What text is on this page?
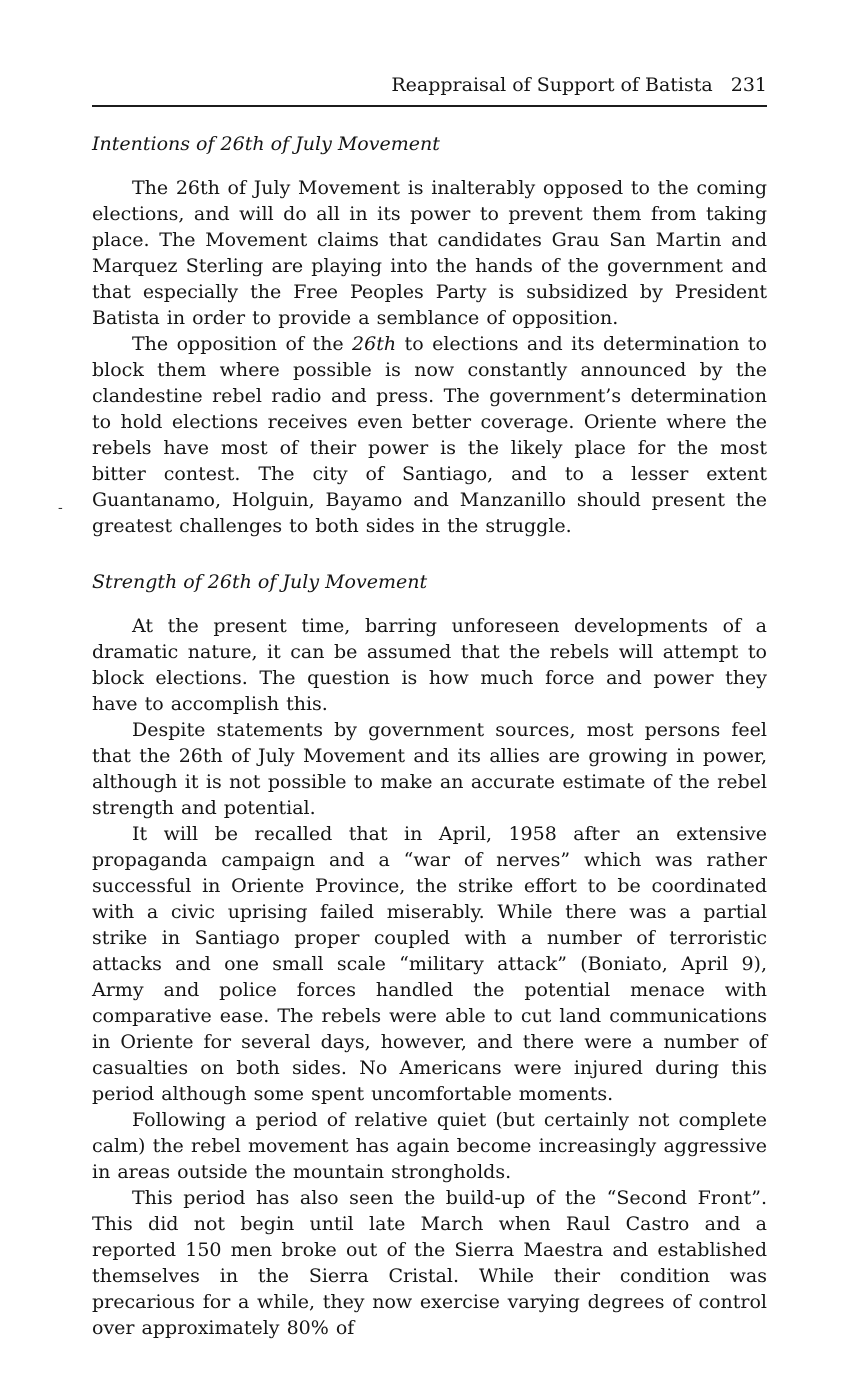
Reappraisal of Support of Batista 231
-
Intentions of 26th of July Movement

The 26th of July Movement is inalterably opposed to the coming elections, and will do all in its power to prevent them from taking place. The Movement claims that candidates Grau San Martin and Marquez Sterling are playing into the hands of the government and that especially the Free Peoples Party is subsidized by President Batista in order to provide a semblance of opposition.

The opposition of the 26th to elections and its determination to block them where possible is now constantly announced by the clandestine rebel radio and press. The government’s determination to hold elections receives even better coverage. Oriente where the rebels have most of their power is the likely place for the most bitter contest. The city of Santiago, and to a lesser extent Guantanamo, Holguin, Bayamo and Manzanillo should present the greatest challenges to both sides in the struggle.

Strength of 26th of July Movement

At the present time, barring unforeseen developments of a dramatic nature, it can be assumed that the rebels will attempt to block elections. The question is how much force and power they have to accomplish this.

Despite statements by government sources, most persons feel that the 26th of July Movement and its allies are growing in power, although it is not possible to make an accurate estimate of the rebel strength and potential.

It will be recalled that in April, 1958 after an extensive propaganda campaign and a “war of nerves” which was rather successful in Oriente Province, the strike effort to be coordinated with a civic uprising failed miserably. While there was a partial strike in Santiago proper coupled with a number of terroristic attacks and one small scale “military attack” (Boniato, April 9), Army and police forces handled the potential menace with comparative ease. The rebels were able to cut land communications in Oriente for several days, however, and there were a number of casualties on both sides. No Americans were injured during this period although some spent uncomfortable moments.

Following a period of relative quiet (but certainly not complete calm) the rebel movement has again become increasingly aggressive in areas outside the mountain strongholds.

This period has also seen the build-up of the “Second Front”. This did not begin until late March when Raul Castro and a reported 150 men broke out of the Sierra Maestra and established themselves in the Sierra Cristal. While their condition was precarious for a while, they now exercise varying degrees of control over approximately 80% of
